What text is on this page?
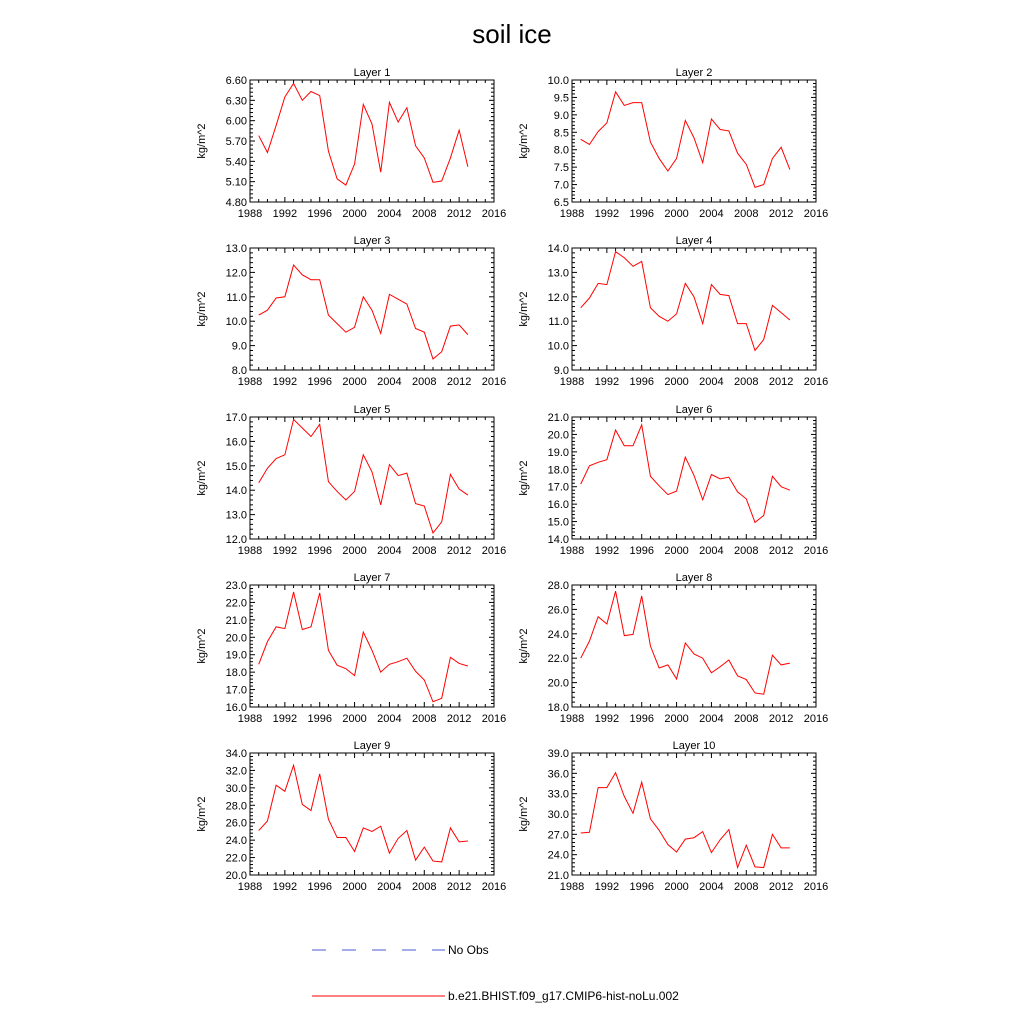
soil ice
Layer 1
kg/m^2
1988 1992 1996 2000 2004 2008 2012 2016
4.80
5.10
5.40
5.70
6.00
6.30
6.60
Layer 2
kg/m^2
1988 1992 1996 2000 2004 2008 2012 2016
6.5
7.0
7.5
8.0
8.5
9.0
9.5
10.0
Layer 3
kg/m^2
1988 1992 1996 2000 2004 2008 2012 2016
8.0
9.0
10.0
11.0
12.0
13.0
Layer 4
kg/m^2
1988 1992 1996 2000 2004 2008 2012 2016
9.0
10.0
11.0
12.0
13.0
14.0
Layer 5
kg/m^2
1988 1992 1996 2000 2004 2008 2012 2016
12.0
13.0
14.0
15.0
16.0
17.0
Layer 6
kg/m^2
1988 1992 1996 2000 2004 2008 2012 2016
14.0
15.0
16.0
17.0
18.0
19.0
20.0
21.0
Layer 7
kg/m^2
1988 1992 1996 2000 2004 2008 2012 2016
16.0
17.0
18.0
19.0
20.0
21.0
22.0
23.0
Layer 8
kg/m^2
1988 1992 1996 2000 2004 2008 2012 2016
18.0
20.0
22.0
24.0
26.0
28.0
Layer 9
kg/m^2
1988 1992 1996 2000 2004 2008 2012 2016
20.0
22.0
24.0
26.0
28.0
30.0
32.0
34.0
Layer 10
kg/m^2
1988 1992 1996 2000 2004 2008 2012 2016
21.0
24.0
27.0
30.0
33.0
36.0
39.0
No Obs
b.e21.BHIST.f09_g17.CMIP6-hist-noLu.002
